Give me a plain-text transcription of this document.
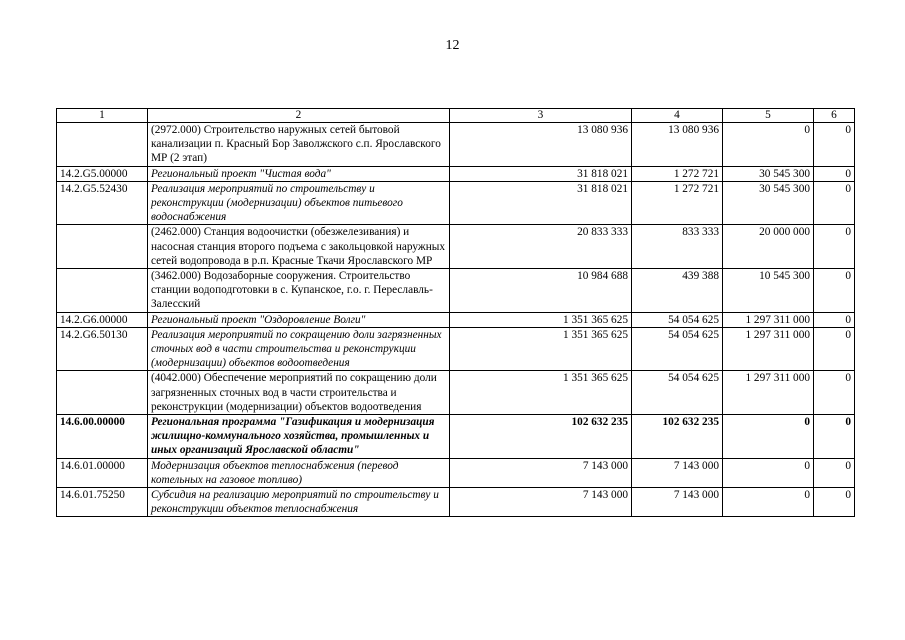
12
1	2	3	4	5	6
	(2972.000) Строительство наружных сетей бытовой канализации п. Красный Бор Заволжского с.п. Ярославского МР (2 этап)	13 080 936	13 080 936	0	0
14.2.G5.00000	Региональный проект "Чистая вода"	31 818 021	1 272 721	30 545 300	0
14.2.G5.52430	Реализация мероприятий по строительству и реконструкции (модернизации) объектов питьевого водоснабжения	31 818 021	1 272 721	30 545 300	0
	(2462.000) Станция водоочистки (обезжелезивания) и насосная станция второго подъема с закольцовкой наружных сетей водопровода в р.п. Красные Ткачи Ярославского МР	20 833 333	833 333	20 000 000	0
	(3462.000) Водозаборные сооружения. Строительство станции водоподготовки в с. Купанское, г.о. г. Переславль-Залесский	10 984 688	439 388	10 545 300	0
14.2.G6.00000	Региональный проект "Оздоровление Волги"	1 351 365 625	54 054 625	1 297 311 000	0
14.2.G6.50130	Реализация мероприятий по сокращению доли загрязненных сточных вод в части строительства и реконструкции (модернизации) объектов водоотведения	1 351 365 625	54 054 625	1 297 311 000	0
	(4042.000) Обеспечение мероприятий по сокращению доли загрязненных сточных вод в части строительства и реконструкции (модернизации) объектов водоотведения	1 351 365 625	54 054 625	1 297 311 000	0
14.6.00.00000	Региональная программа "Газификация и модернизация жилищно-коммунального хозяйства, промышленных и иных организаций Ярославской области"	102 632 235	102 632 235	0	0
14.6.01.00000	Модернизация объектов теплоснабжения (перевод котельных на газовое топливо)	7 143 000	7 143 000	0	0
14.6.01.75250	Субсидия на реализацию мероприятий по строительству и реконструкции объектов теплоснабжения	7 143 000	7 143 000	0	0
